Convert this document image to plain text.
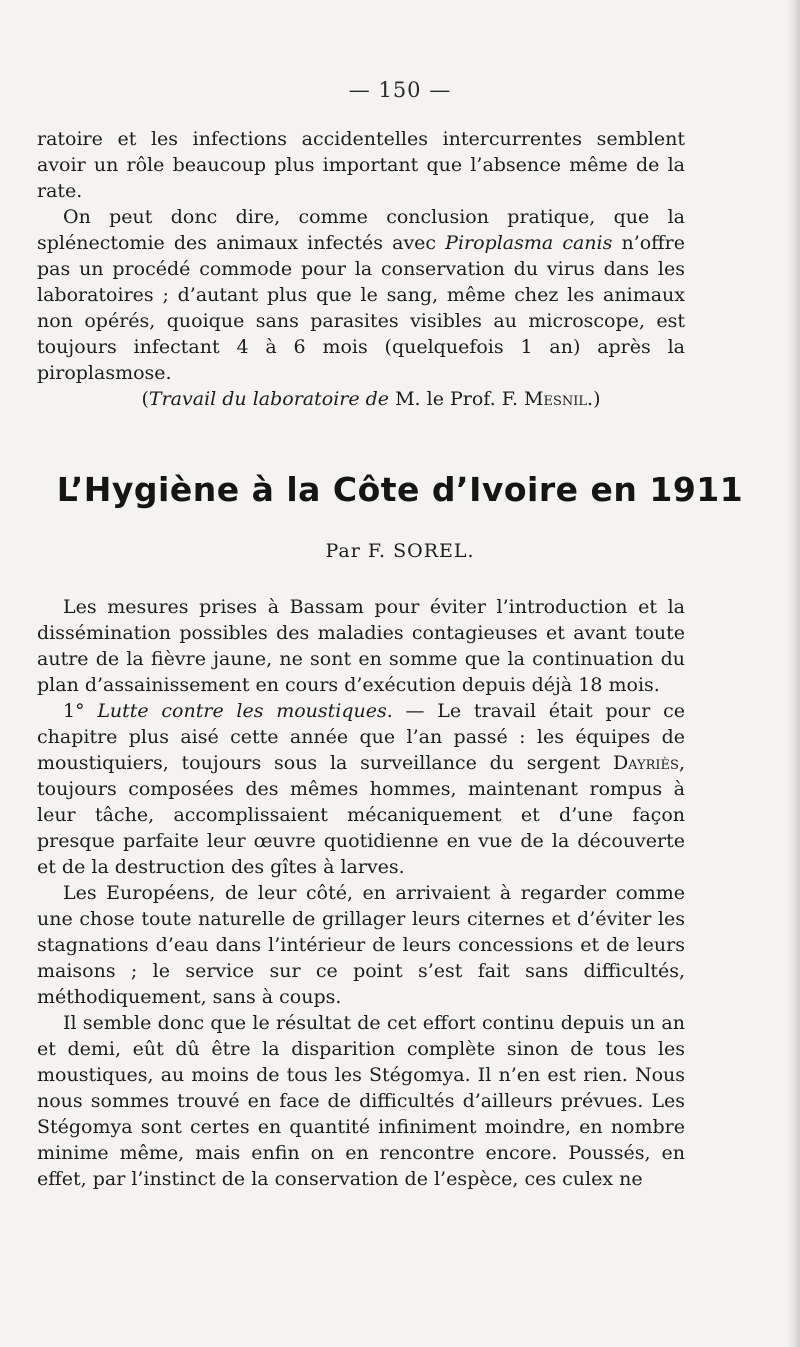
— 150 —

ratoire et les infections accidentelles intercurrentes semblent avoir un rôle beaucoup plus important que l’absence même de la rate.

On peut donc dire, comme conclusion pratique, que la splénectomie des animaux infectés avec Piroplasma canis n’offre pas un procédé commode pour la conservation du virus dans les laboratoires ; d’autant plus que le sang, même chez les animaux non opérés, quoique sans parasites visibles au microscope, est toujours infectant 4 à 6 mois (quelquefois 1 an) après la piroplasmose.

(Travail du laboratoire de M. le Prof. F. Mesnil.)

L’Hygiène à la Côte d’Ivoire en 1911
Par F. SOREL.

Les mesures prises à Bassam pour éviter l’introduction et la dissémination possibles des maladies contagieuses et avant toute autre de la fièvre jaune, ne sont en somme que la continuation du plan d’assainissement en cours d’exécution depuis déjà 18 mois.

1° Lutte contre les moustiques. — Le travail était pour ce chapitre plus aisé cette année que l’an passé : les équipes de moustiquiers, toujours sous la surveillance du sergent Dayriès, toujours composées des mêmes hommes, maintenant rompus à leur tâche, accomplissaient mécaniquement et d’une façon presque parfaite leur œuvre quotidienne en vue de la découverte et de la destruction des gîtes à larves.

Les Européens, de leur côté, en arrivaient à regarder comme une chose toute naturelle de grillager leurs citernes et d’éviter les stagnations d’eau dans l’intérieur de leurs concessions et de leurs maisons ; le service sur ce point s’est fait sans difficultés, méthodiquement, sans à coups.

Il semble donc que le résultat de cet effort continu depuis un an et demi, eût dû être la disparition complète sinon de tous les moustiques, au moins de tous les Stégomya. Il n’en est rien. Nous nous sommes trouvé en face de difficultés d’ailleurs prévues. Les Stégomya sont certes en quantité infiniment moindre, en nombre minime même, mais enfin on en rencontre encore. Poussés, en effet, par l’instinct de la conservation de l’espèce, ces culex ne
